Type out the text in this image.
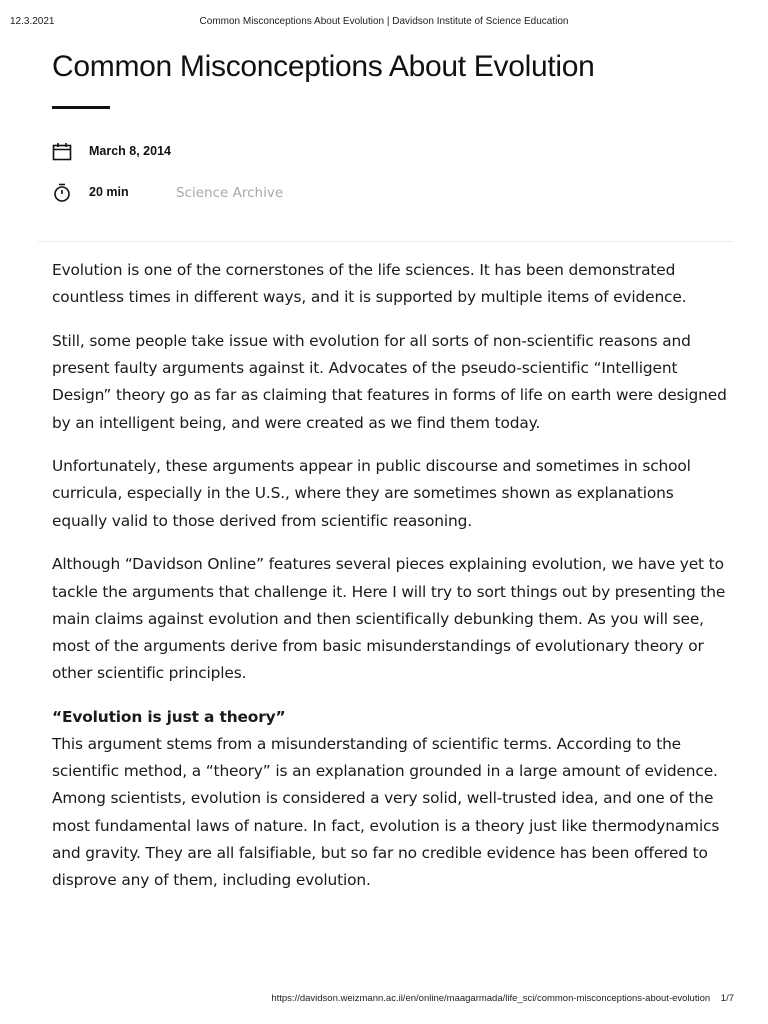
12.3.2021	Common Misconceptions About Evolution | Davidson Institute of Science Education
Common Misconceptions About Evolution
March 8, 2014
20 min	Science Archive

Evolution is one of the cornerstones of the life sciences. It has been demonstrated countless times in different ways, and it is supported by multiple items of evidence.

Still, some people take issue with evolution for all sorts of non-scientific reasons and present faulty arguments against it. Advocates of the pseudo-scientific “Intelligent Design” theory go as far as claiming that features in forms of life on earth were designed by an intelligent being, and were created as we find them today.

Unfortunately, these arguments appear in public discourse and sometimes in school curricula, especially in the U.S., where they are sometimes shown as explanations equally valid to those derived from scientific reasoning.

Although “Davidson Online” features several pieces explaining evolution, we have yet to tackle the arguments that challenge it. Here I will try to sort things out by presenting the main claims against evolution and then scientifically debunking them. As you will see, most of the arguments derive from basic misunderstandings of evolutionary theory or other scientific principles.

“Evolution is just a theory”
This argument stems from a misunderstanding of scientific terms. According to the scientific method, a “theory” is an explanation grounded in a large amount of evidence. Among scientists, evolution is considered a very solid, well-trusted idea, and one of the most fundamental laws of nature. In fact, evolution is a theory just like thermodynamics and gravity. They are all falsifiable, but so far no credible evidence has been offered to disprove any of them, including evolution.

https://davidson.weizmann.ac.il/en/online/maagarmada/life_sci/common-misconceptions-about-evolution 1/7
